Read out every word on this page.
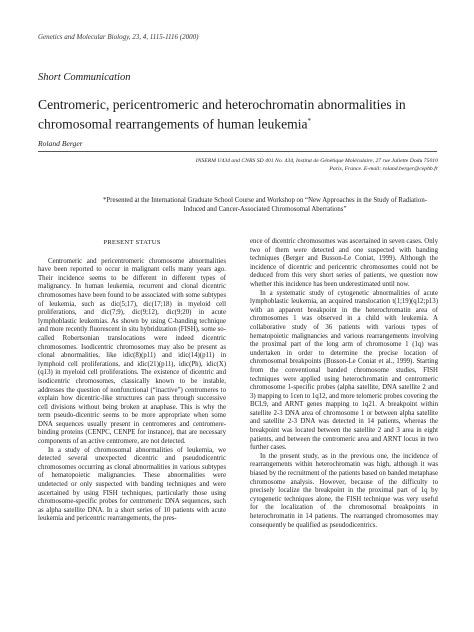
Genetics and Molecular Biology, 23, 4, 1115-1116 (2000)
Short Communication
Centromeric, pericentromeric and heterochromatin abnormalities in chromosomal rearrangements of human leukemia*
Roland Berger
INSERM U434 and CNRS SD 401 No. 434, Institut de Génétique Moléculaire, 27 rue Juliette Dodu 75010
Paris, France. E-mail: roland.berger@cephb.fr
*Presented at the International Graduate School Course and Workshop on “New Approaches in the Study of Radiation-Induced and Cancer-Associated Chromosomal Aberrations”
PRESENT STATUS

Centromeric and pericentromeric chromosome abnormalities have been reported to occur in malignant cells many years ago. Their incidence seems to be different in different types of malignancy. In human leukemia, recurrent and clonal dicentric chromosomes have been found to be associated with some subtypes of leukemia, such as dic(5;17), dic(17;18) in myeloid cell proliferations, and dic(7;9), dic(9;12), dic(9;20) in acute lymphoblastic leukemias. As shown by using C-banding technique and more recently fluorescent in situ hybridization (FISH), some so-called Robertsonian translocations were indeed dicentric chromosomes. Isodicentric chromosomes may also be present as clonal abnormalities, like idic(8)(p11) and idic(14)(p11) in lymphoid cell proliferations, and idic(21)(p11), idic(Ph), idic(X)(q13) in myeloid cell proliferations. The existence of dicentric and isodicentric chromosomes, classically known to be instable, addresses the question of nonfunctional (“inactive”) centromeres to explain how dicentric-like structures can pass through successive cell divisions without being broken at anaphase. This is why the term pseudo-dicentric seems to be more appropriate when some DNA sequences usually present in centromeres and centromere-binding proteins (CENPC, CENPE for instance), that are necessary components of an active centromere, are not detected.

In a study of chromosomal abnormalities of leukemia, we detected several unexpected dicentric and pseudodicentric chromosomes occurring as clonal abnormalities in various subtypes of hematopoietic malignancies. These abnormalities were undetected or only suspected with banding techniques and were ascertained by using FISH techniques, particularly those using chromosome-specific probes for centromeric DNA sequences, such as alpha satellite DNA. In a short series of 10 patients with acute leukemia and pericentric rearrangements, the pres-

ence of dicentric chromosomes was ascertained in seven cases. Only two of them were detected and one suspected with banding techniques (Berger and Busson-Le Coniat, 1999). Although the incidence of dicentric and pericentric chromosomes could not be deduced from this very short series of patients, we question now whether this incidence has been underestimated until now.

In a systematic study of cytogenetic abnormalities of acute lymphoblastic leukemia, an acquired translocation t(1;19)(q12;p13) with an apparent breakpoint in the heterochromatin area of chromosomes 1 was observed in a child with leukemia. A collaborative study of 36 patients with various types of hematopoietic malignancies and various rearrangements involving the proximal part of the long arm of chromosome 1 (1q) was undertaken in order to determine the precise location of chromosomal breakpoints (Busson-Le Coniat et al., 1999). Starting from the conventional banded chromosome studies, FISH techniques were applied using heterochromatin and centromeric chromosome 1-specific probes (alpha satellite, DNA satellite 2 and 3) mapping to 1cen to 1q12, and more telomeric probes covering the BCL9, and ARNT genes mapping to 1q21. A breakpoint within satellite 2-3 DNA area of chromosome 1 or between alpha satellite and satellite 2-3 DNA was detected in 14 patients, whereas the breakpoint was located between the satellite 2 and 3 area in eight patients, and between the centromeric area and ARNT locus in two further cases.

In the present study, as in the previous one, the incidence of rearrangements within heterochromatin was high, although it was biased by the recruitment of the patients based on banded metaphase chromosome analysis. However, because of the difficulty to precisely localize the breakpoint in the proximal part of 1q by cytogenetic techniques alone, the FISH technique was very useful for the localization of the chromosomal breakpoints in heterochromatin in 14 patients. The rearranged chromosomes may consequently be qualified as pseudodicentrics.
